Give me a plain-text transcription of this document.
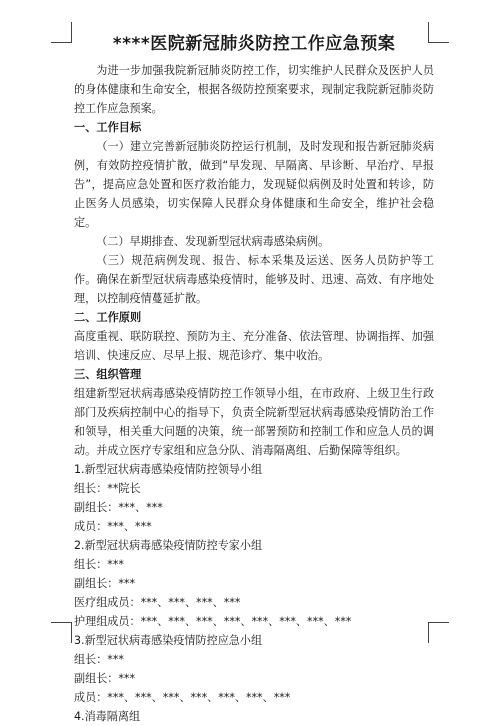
****医院新冠肺炎防控工作应急预案
为进一步加强我院新冠肺炎防控工作，切实维护人民群众及医护人员的身体健康和生命安全，根据各级防控预案要求，现制定我院新冠肺炎防控工作应急预案。
一、工作目标
（一）建立完善新冠肺炎防控运行机制，及时发现和报告新冠肺炎病例，有效防控疫情扩散，做到“早发现、早隔离、早诊断、早治疗、早报告”，提高应急处置和医疗救治能力，发现疑似病例及时处置和转诊，防止医务人员感染，切实保障人民群众身体健康和生命安全，维护社会稳定。
（二）早期排查、发现新型冠状病毒感染病例。
（三）规范病例发现、报告、标本采集及运送、医务人员防护等工作。确保在新型冠状病毒感染疫情时，能够及时、迅速、高效、有序地处理，以控制疫情蔓延扩散。
二、工作原则
高度重视、联防联控、预防为主、充分准备、依法管理、协调指挥、加强培训、快速反应、尽早上报、规范诊疗、集中收治。
三、组织管理
组建新型冠状病毒感染疫情防控工作领导小组，在市政府、上级卫生行政部门及疾病控制中心的指导下，负责全院新型冠状病毒感染疫情防治工作和领导，相关重大问题的决策，统一部署预防和控制工作和应急人员的调动。并成立医疗专家组和应急分队、消毒隔离组、后勤保障等组织。
1.新型冠状病毒感染疫情防控领导小组
组长：**院长
副组长：***、***
成员：***、***
2.新型冠状病毒感染疫情防控专家小组
组长：***
副组长：***
医疗组成员：***、***、***、***
护理组成员：***、***、***、***、***、***、***、***
3.新型冠状病毒感染疫情防控应急小组
组长：***
副组长：***
成员：***、***、***、***、***、***、***
4.消毒隔离组
